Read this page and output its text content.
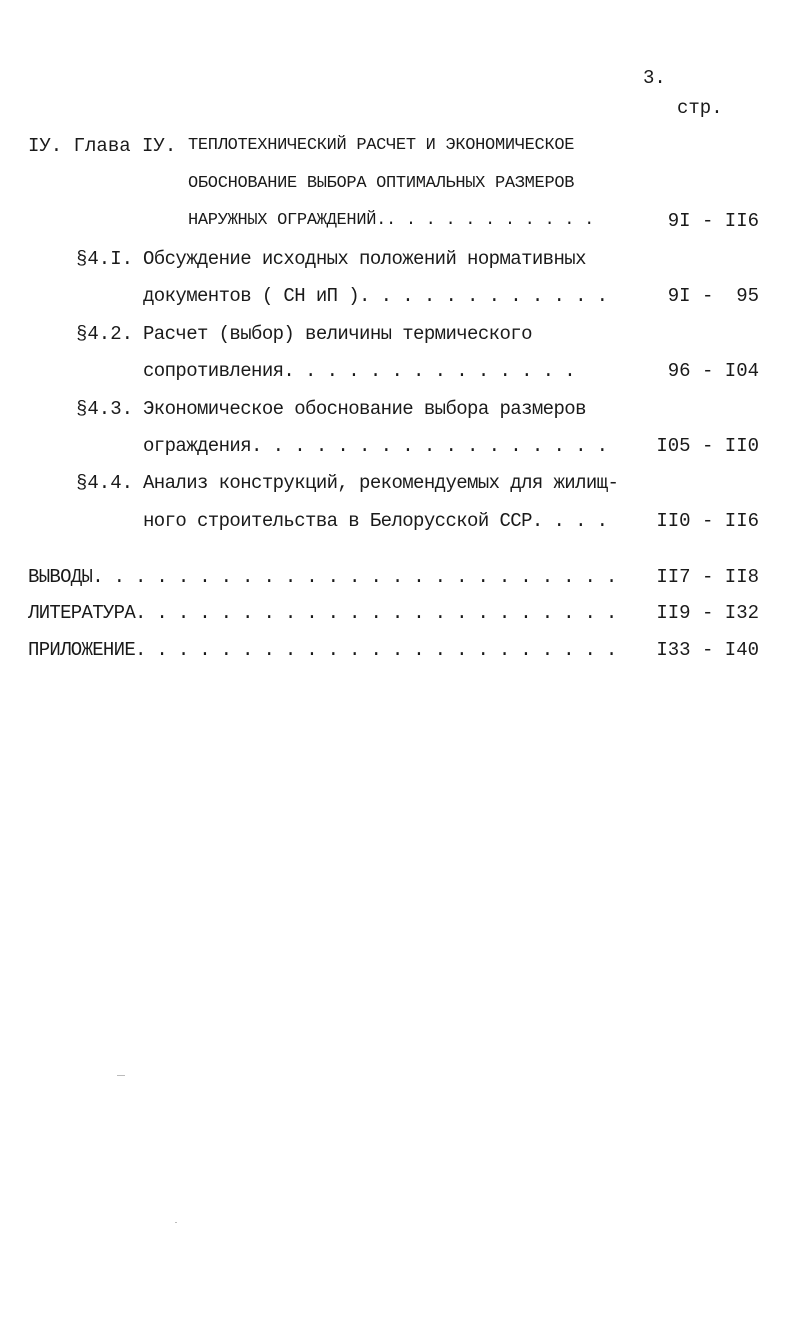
3.
стр.
IУ. Глава IУ. ТЕПЛОТЕХНИЧЕСКИЙ РАСЧЕТ И ЭКОНОМИЧЕСКОЕ
ОБОСНОВАНИЕ ВЫБОРА ОПТИМАЛЬНЫХ РАЗМЕРОВ
НАРУЖНЫХ ОГРАЖДЕНИЙ.. . . . . . . . . . .	9I - II6
§4.I. Обсуждение исходных положений нормативных
документов ( СН иП ). . . . . . . . . . . .	9I -  95
§4.2. Расчет (выбор) величины термического
сопротивления. . . . . . . . . . . . . .	96 - I04
§4.3. Экономическое обоснование выбора размеров
ограждения. . . . . . . . . . . . . . . . .	I05 - II0
§4.4. Анализ конструкций, рекомендуемых для жилищ-
ного строительства в Белорусской ССР. . . .	II0 - II6
ВЫВОДЫ. . . . . . . . . . . . . . . . . . . . . . . . . II7 - II8
ЛИТЕРАТУРА. . . . . . . . . . . . . . . . . . . . . . . II9 - I32
ПРИЛОЖЕНИЕ. . . . . . . . . . . . . . . . . . . . . . . I33 - I40
